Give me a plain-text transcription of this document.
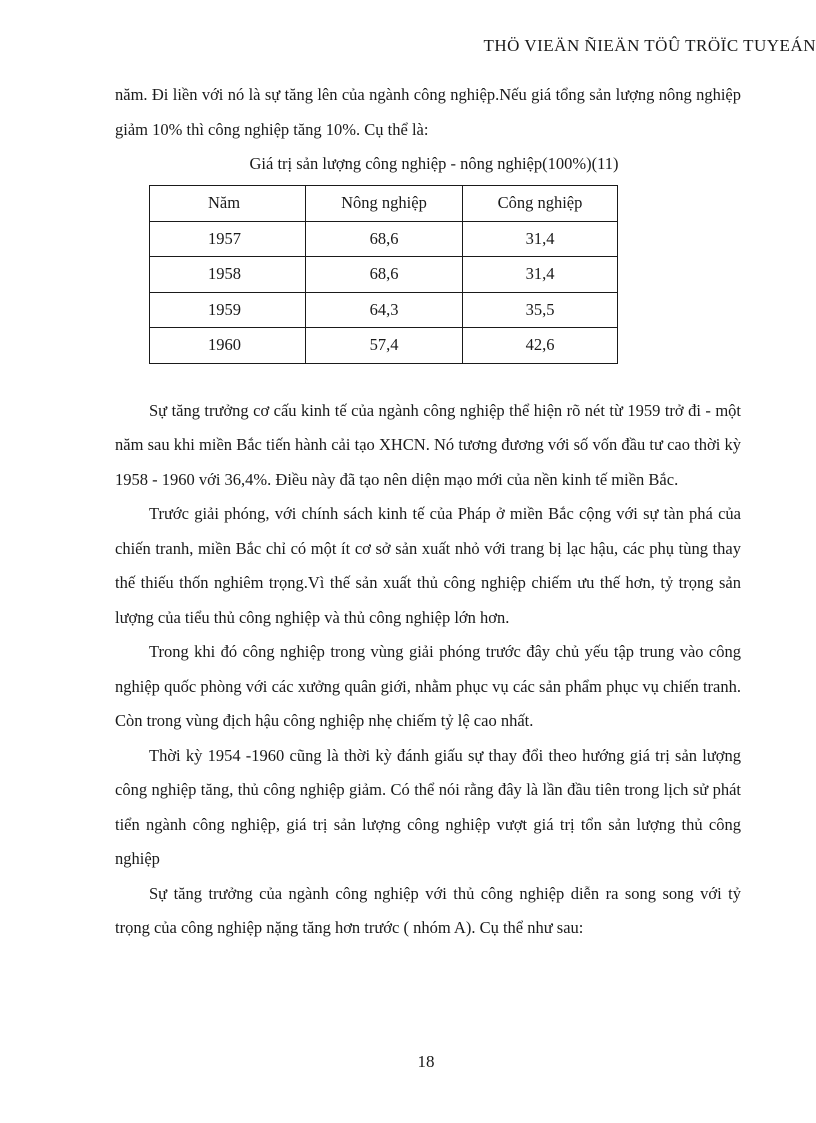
THÖ VIEÄN ÑIEÄN TÖÛ TRÖÏC TUYEÁN

năm. Đi liền với nó là sự tăng lên của ngành công nghiệp.Nếu giá tổng sản lượng nông nghiệp giảm 10% thì công nghiệp tăng 10%. Cụ thể là:

Giá trị sản lượng công nghiệp - nông nghiệp(100%)(11)

Năm	Nông nghiệp	Công nghiệp
1957	68,6	31,4
1958	68,6	31,4
1959	64,3	35,5
1960	57,4	42,6

Sự tăng trưởng cơ cấu kinh tế của ngành công nghiệp thể hiện rõ nét từ 1959 trở đi - một năm sau khi miền Bắc tiến hành cải tạo XHCN. Nó tương đương với số vốn đầu tư cao thời kỳ 1958 - 1960 với 36,4%. Điều này đã tạo nên diện mạo mới của nền kinh tế miền Bắc.

Trước giải phóng, với chính sách kinh tế của Pháp ở miền Bắc cộng với sự tàn phá của chiến tranh, miền Bắc chỉ có một ít cơ sở sản xuất nhỏ với trang bị lạc hậu, các phụ tùng thay thế thiếu thốn nghiêm trọng.Vì thế sản xuất thủ công nghiệp chiếm ưu thế hơn, tỷ trọng sản lượng của tiểu thủ công nghiệp và thủ công nghiệp lớn hơn.

Trong khi đó công nghiệp trong vùng giải phóng trước đây chủ yếu tập trung vào công nghiệp quốc phòng với các xưởng quân giới, nhằm phục vụ các sản phẩm phục vụ chiến tranh. Còn trong vùng địch hậu công nghiệp nhẹ chiếm tỷ lệ cao nhất.

Thời kỳ 1954 -1960 cũng là thời kỳ đánh giấu sự thay đổi theo hướng giá trị sản lượng công nghiệp tăng, thủ công nghiệp giảm. Có thể nói rằng đây là lần đầu tiên trong lịch sử phát tiển ngành công nghiệp, giá trị sản lượng công nghiệp vượt giá trị tổn sản lượng thủ công nghiệp

Sự tăng trưởng của ngành công nghiệp với thủ công nghiệp diễn ra song song với tỷ trọng của công nghiệp nặng tăng hơn trước ( nhóm A). Cụ thể như sau:

18
